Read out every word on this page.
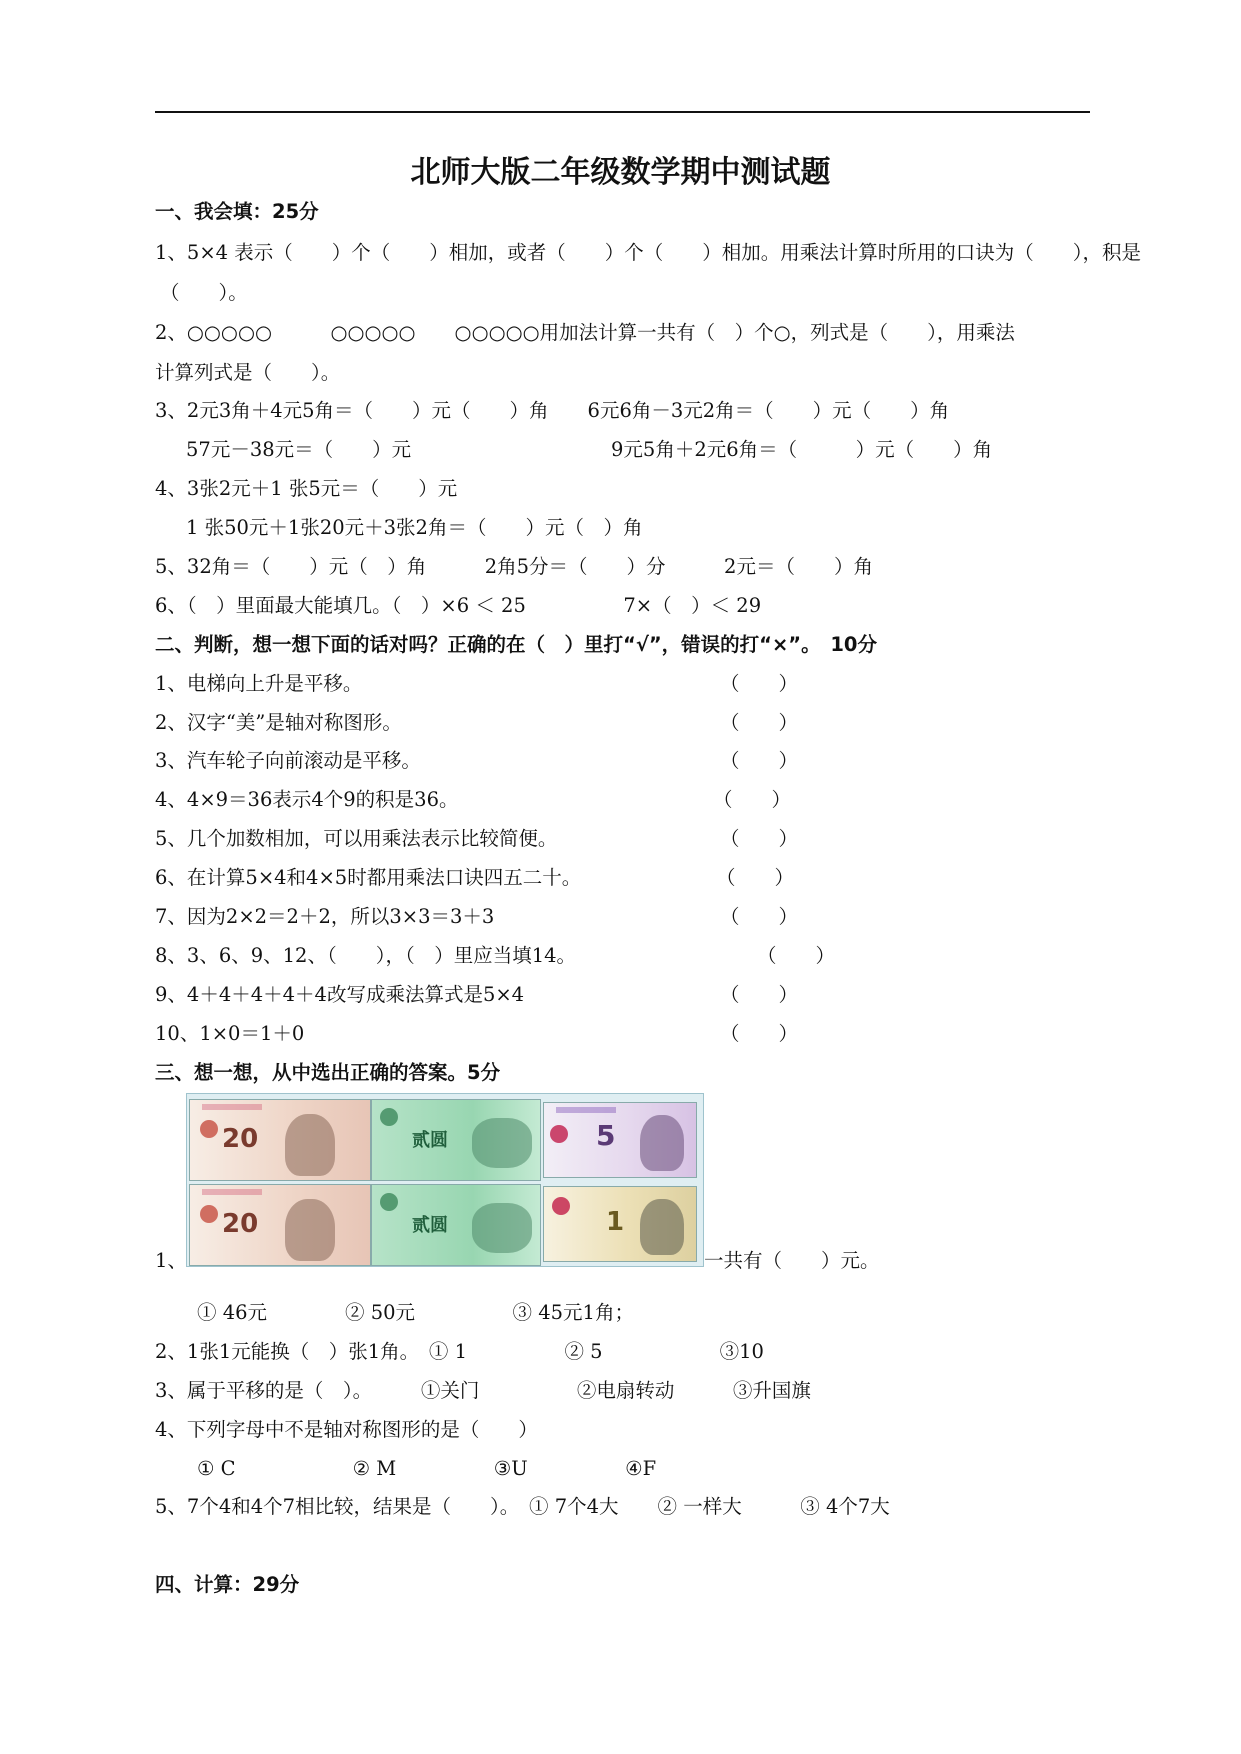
北师大版二年级数学期中测试题
一、我会填：25分
1、5×4 表示（　　）个（　　）相加，或者（　　）个（　　）相加。用乘法计算时所用的口诀为（　　），积是
（　　）。
2、○○○○○　　　○○○○○　　○○○○○用加法计算一共有（　）个○，列式是（　　），用乘法
计算列式是（　　）。
3、2元3角＋4元5角＝（　　）元（　　）角　　6元6角－3元2角＝（　　）元（　　）角
57元－38元＝（　　）元	9元5角＋2元6角＝（　　　）元（　　）角
4、3张2元＋1 张5元＝（　　）元
1 张50元＋1张20元＋3张2角＝（　　）元（　）角
5、32角＝（　　）元（　）角　　　2角5分＝（　　）分　　　2元＝（　　）角
6、（　）里面最大能填几。（　）×6 ＜ 25　　　　　7×（　）＜ 29
二、判断，想一想下面的话对吗？正确的在（　）里打“√”，错误的打“×”。　10分
1、电梯向上升是平移。	（　　）
2、汉字“美”是轴对称图形。	（　　）
3、汽车轮子向前滚动是平移。	（　　）
4、4×9＝36表示4个9的积是36。	（　　）
5、几个加数相加，可以用乘法表示比较简便。	（　　）
6、在计算5×4和4×5时都用乘法口诀四五二十。	（　　）
7、因为2×2＝2＋2，所以3×3＝3＋3	（　　）
8、3、6、9、12、（　　），（　）里应当填14。	（　　）
9、4＋4＋4＋4＋4改写成乘法算式是5×4	（　　）
10、1×0＝1＋0	（　　）
三、想一想，从中选出正确的答案。5分
20	贰圆	5
20	贰圆	1
1、	一共有（　　）元。
① 46元　　　　② 50元　　　　　③ 45元1角；
2、1张1元能换（　）张1角。　① 1　　　　　② 5　　　　　　③10
3、属于平移的是（　）。　　　①关门　　　　　②电扇转动　　　③升国旗
4、下列字母中不是轴对称图形的是（　　）
① C　　　　　　② M　　　　　③U　　　　　④F
5、7个4和4个7相比较，结果是（　　）。　① 7个4大　　② 一样大　　　③ 4个7大
四、计算：29分
